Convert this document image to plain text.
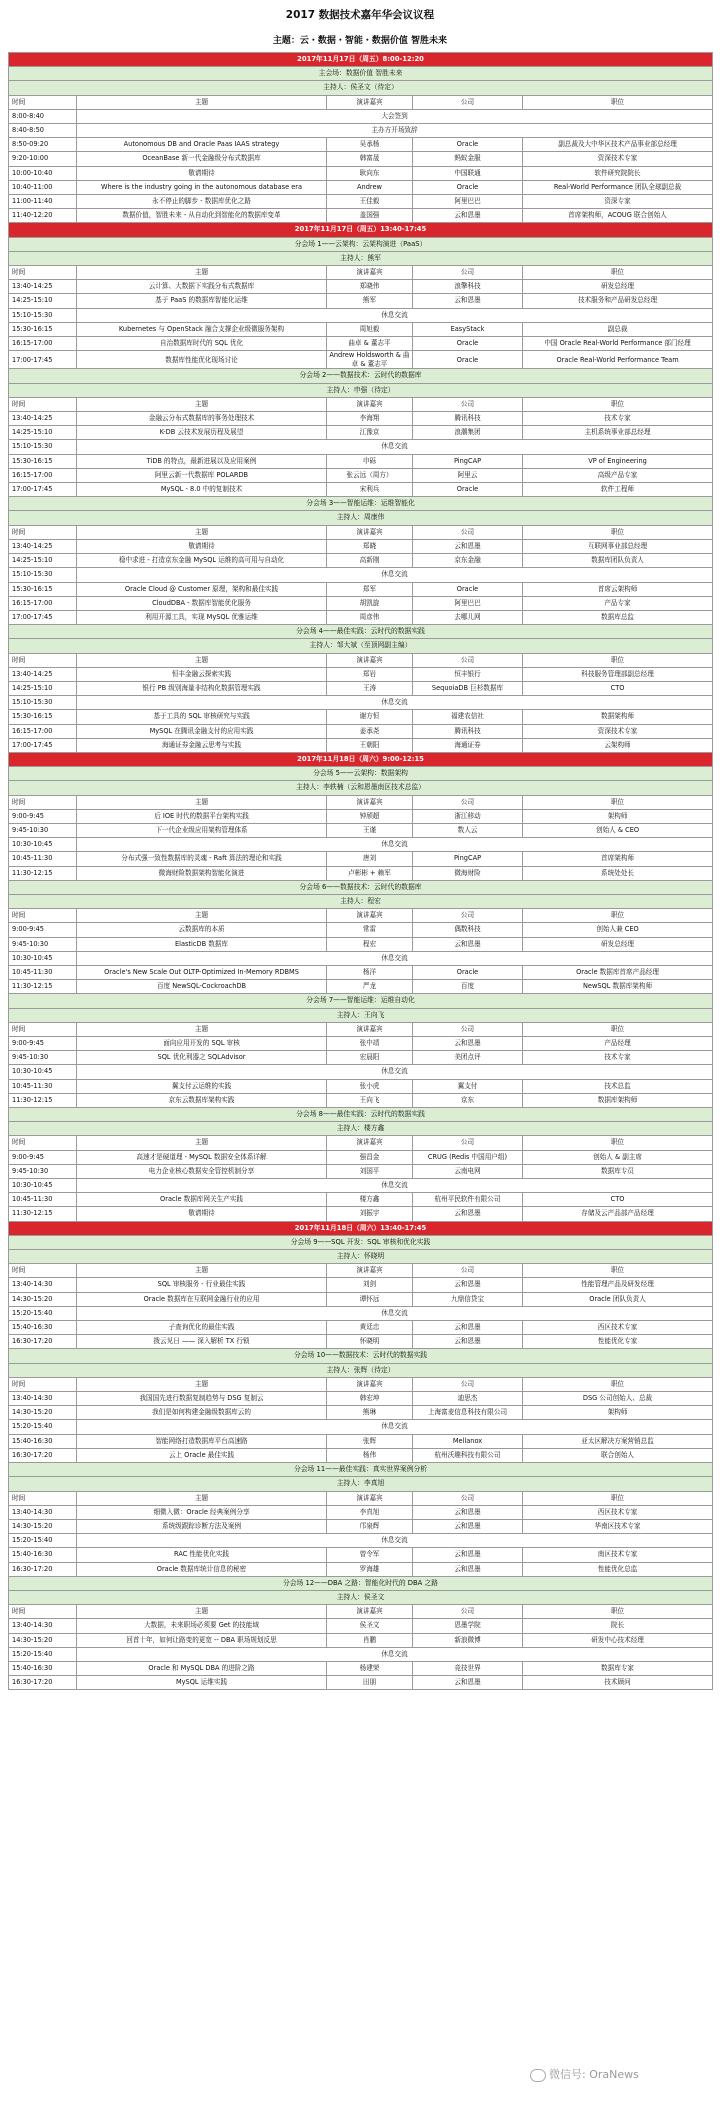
2017 数据技术嘉年华会议议程
主题：云・数据・智能・数据价值 智胜未来
2017年11月17日（周五）8:00-12:20				
主会场：数据价值 智胜未来				
主持人：侯圣文（待定）				
时间	主题	演讲嘉宾	公司	职位
8:00-8:40	大会签到			
8:40-8:50	主办方开场致辞			
8:50-09:20	Autonomous DB and Oracle Paas IAAS strategy	吴承杨	Oracle	副总裁及大中华区技术产品事业部总经理
9:20-10:00	OceanBase 新一代金融级分布式数据库	韩富晟	蚂蚁金服	资深技术专家
10:00-10:40	敬请期待	耿向东	中国联通	软件研究院院长
10:40-11:00	Where is the industry going in the autonomous database era	Andrew	Oracle	Real-World Performance 团队全球副总裁
11:00-11:40	永不停止的脚步 - 数据库优化之路	王佳毅	阿里巴巴	资深专家
11:40-12:20	数据价值，智胜未来 - 从自动化到智能化的数据库变革	盖国强	云和恩墨	首席架构师，ACOUG 联合创始人
2017年11月17日（周五）13:40-17:45				
分会场 1——云架构：云架构演进（PaaS）				
主持人：熊军				
时间	主题	演讲嘉宾	公司	职位
13:40-14:25	云计算、大数据下实践分布式数据库	郑晓伟	浪擎科技	研发总经理
14:25-15:10	基于 PaaS 的数据库智能化运维	熊军	云和恩墨	技术服务和产品研发总经理
15:10-15:30	休息交流			
15:30-16:15	Kubernetes 与 OpenStack 融合支撑企业级微服务架构	周旭毅	EasyStack	副总裁
16:15-17:00	自治数据库时代的 SQL 优化	曲卓 & 董志平	Oracle	中国 Oracle Real-World Performance 部门经理
17:00-17:45	数据库性能优化现场讨论	Andrew Holdsworth & 曲卓 & 董志平	Oracle	Oracle Real-World Performance Team
分会场 2——数据技术：云时代的数据库				
主持人：申强（待定）				
时间	主题	演讲嘉宾	公司	职位
13:40-14:25	金融云分布式数据库的事务处理技术	李海翔	腾讯科技	技术专家
14:25-15:10	K-DB 云技术发展历程及展望	江豫京	浪潮集团	主机系统事业部总经理
15:10-15:30	休息交流			
15:30-16:15	TiDB 的特点，最新进展以及应用案例	申砾	PingCAP	VP of Engineering
16:15-17:00	阿里云新一代数据库 POLARDB	张云远（周方）	阿里云	高级产品专家
17:00-17:45	MySQL - 8.0 中的复制技术	宋利兵	Oracle	软件工程师
分会场 3——智能运维：运维智能化				
主持人：周康伟				
时间	主题	演讲嘉宾	公司	职位
13:40-14:25	敬请期待	郑晓	云和恩墨	互联网事业部总经理
14:25-15:10	稳中求进 - 打造京东金融 MySQL 运维的高可用与自动化	高新刚	京东金融	数据库团队负责人
15:10-15:30	休息交流			
15:30-16:15	Oracle Cloud @ Customer 原理，架构和最佳实践	郑军	Oracle	首席云架构师
16:15-17:00	CloudDBA - 数据库智能优化服务	胡凯旋	阿里巴巴	产品专家
17:00-17:45	利用开源工具，实现 MySQL 优雅运维	周彦伟	去哪儿网	数据库总监
分会场 4——最佳实践：云时代的数据实践				
主持人：邹大斌（至顶网副主编）				
时间	主题	演讲嘉宾	公司	职位
13:40-14:25	恒丰金融云探索实践	郑岩	恒丰银行	科技服务管理部副总经理
14:25-15:10	银行 PB 级别海量非结构化数据管理实践	王涛	SequoiaDB 巨杉数据库	CTO
15:10-15:30	休息交流			
15:30-16:15	基于工具的 SQL 审核研究与实践	谢方恒	福建农信社	数据架构师
16:15-17:00	MySQL 在腾讯金融支付的应用实践	姜承尧	腾讯科技	资深技术专家
17:00-17:45	海通证券金融云思考与实践	王朝阳	海通证券	云架构师
2017年11月18日（周六）9:00-12:15				
分会场 5——云架构：数据架构				
主持人：李轶楠（云和恩墨南区技术总监）				
时间	主题	演讲嘉宾	公司	职位
9:00-9:45	后 IOE 时代的数据平台架构实践	钟颀超	浙江移动	架构师
9:45-10:30	下一代企业级应用架构管理体系	王谨	数人云	创始人 & CEO
10:30-10:45	休息交流			
10:45-11:30	分布式强一致性数据库的灵魂 - Raft 算法的理论和实践	唐刘	PingCAP	首席架构师
11:30-12:15	微海财险数据架构智能化演进	卢彬彬 + 赖军	微海财险	系统处处长
分会场 6——数据技术：云时代的数据库				
主持人：程宏				
时间	主题	演讲嘉宾	公司	职位
9:00-9:45	云数据库的本质	常雷	偶数科技	创始人兼 CEO
9:45-10:30	ElasticDB 数据库	程宏	云和恩墨	研发总经理
10:30-10:45	休息交流			
10:45-11:30	Oracle's New Scale Out OLTP-Optimized In-Memory RDBMS	杨洋	Oracle	Oracle 数据库首席产品经理
11:30-12:15	百度 NewSQL-CockroachDB	严龙	百度	NewSQL 数据库架构师
分会场 7——智能运维：运维自动化				
主持人：王向飞				
时间	主题	演讲嘉宾	公司	职位
9:00-9:45	面向应用开发的 SQL 审核	张中靖	云和恩墨	产品经理
9:45-10:30	SQL 优化利器之 SQLAdvisor	宏晨阳	美团点评	技术专家
10:30-10:45	休息交流			
10:45-11:30	翼支付云运维的实践	张小虎	翼支付	技术总监
11:30-12:15	京东云数据库架构实践	王向飞	京东	数据库架构师
分会场 8——最佳实践：云时代的数据实践				
主持人：楼方鑫				
时间	主题	演讲嘉宾	公司	职位
9:00-9:45	高速才是硬道理 - MySQL 数据安全体系详解	强昌金	CRUG (Redis 中国用户组)	创始人 & 副主席
9:45-10:30	电力企业核心数据安全管控机制分享	刘国平	云南电网	数据库专员
10:30-10:45	休息交流			
10:45-11:30	Oracle 数据库网关生产实践	楼方鑫	杭州平民软件有限公司	CTO
11:30-12:15	敬请期待	刘振宇	云和恩墨	存储及云产品部产品经理
2017年11月18日（周六）13:40-17:45				
分会场 9——SQL 开发：SQL 审核和优化实践				
主持人：怀晓明				
时间	主题	演讲嘉宾	公司	职位
13:40-14:30	SQL 审核服务 - 行业最佳实践	刘剑	云和恩墨	性能管理产品及研发经理
14:30-15:20	Oracle 数据库在互联网金融行业的应用	谭怀远	九鼎信贷宝	Oracle 团队负责人
15:20-15:40	休息交流			
15:40-16:30	子查询优化的最佳实践	黄廷忠	云和恩墨	西区技术专家
16:30-17:20	拨云见日 —— 深入解析 TX 行锁	怀晓明	云和恩墨	性能优化专家
分会场 10——数据技术：云时代的数据实践				
主持人：张辉（待定）				
时间	主题	演讲嘉宾	公司	职位
13:40-14:30	我国国先进行数据复制趋势与 DSG 复制云	韩宏坤	迪思杰	DSG 公司创始人、总裁
14:30-15:20	我们是如何构建金融级数据库云的	熊琳	上海富麦信息科技有限公司	架构师
15:20-15:40	休息交流			
15:40-16:30	智能网络打造数据库平台高速路	张辉	Mellanox	亚太区解决方案营销总监
16:30-17:20	云上 Oracle 最佳实践	杨伟	杭州沃趣科技有限公司	联合创始人
分会场 11——最佳实践：真实世界案例分析				
主持人：李真旭				
时间	主题	演讲嘉宾	公司	职位
13:40-14:30	细微入微：Oracle 经典案例分享	李真旭	云和恩墨	西区技术专家
14:30-15:20	系统级跟踪诊断方法及案例	邝泉辉	云和恩墨	华南区技术专家
15:20-15:40	休息交流			
15:40-16:30	RAC 性能优化实践	曾令军	云和恩墨	南区技术专家
16:30-17:20	Oracle 数据库统计信息的秘密	罗海雄	云和恩墨	性能优化总监
分会场 12——DBA 之路：智能化时代的 DBA 之路				
主持人：侯圣文				
时间	主题	演讲嘉宾	公司	职位
13:40-14:30	大数据，未来职场必须要 Get 的技能域	侯圣文	恩墨学院	院长
14:30-15:20	回首十年，如何让路变的更宽 -- DBA 职场规划反思	肖鹏	新浪微博	研发中心技术经理
15:20-15:40	休息交流			
15:40-16:30	Oracle 和 MySQL DBA 的进阶之路	杨建荣	竞技世界	数据库专家
16:30-17:20	MySQL 运维实践	田朋	云和恩墨	技术顾问
微信号: OraNews
